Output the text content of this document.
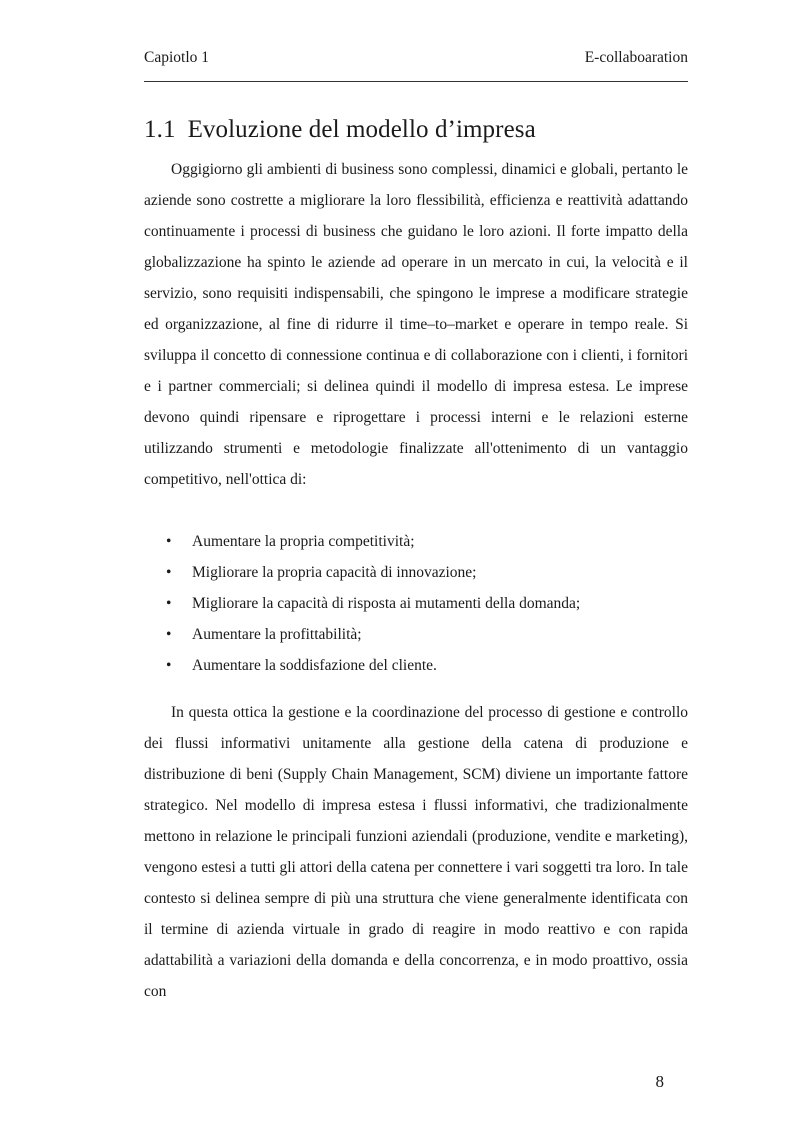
Capiotlo 1	E-collaboaration
1.1 Evoluzione del modello d’impresa

Oggigiorno gli ambienti di business sono complessi, dinamici e globali, pertanto le aziende sono costrette a migliorare la loro flessibilità, efficienza e reattività adattando continuamente i processi di business che guidano le loro azioni. Il forte impatto della globalizzazione ha spinto le aziende ad operare in un mercato in cui, la velocità e il servizio, sono requisiti indispensabili, che spingono le imprese a modificare strategie ed organizzazione, al fine di ridurre il time–to–market e operare in tempo reale. Si sviluppa il concetto di connessione continua e di collaborazione con i clienti, i fornitori e i partner commerciali; si delinea quindi il modello di impresa estesa. Le imprese devono quindi ripensare e riprogettare i processi interni e le relazioni esterne utilizzando strumenti e metodologie finalizzate all'ottenimento di un vantaggio competitivo, nell'ottica di:

• Aumentare la propria competitività;
• Migliorare la propria capacità di innovazione;
• Migliorare la capacità di risposta ai mutamenti della domanda;
• Aumentare la profittabilità;
• Aumentare la soddisfazione del cliente.

In questa ottica la gestione e la coordinazione del processo di gestione e controllo dei flussi informativi unitamente alla gestione della catena di produzione e distribuzione di beni (Supply Chain Management, SCM) diviene un importante fattore strategico. Nel modello di impresa estesa i flussi informativi, che tradizionalmente mettono in relazione le principali funzioni aziendali (produzione, vendite e marketing), vengono estesi a tutti gli attori della catena per connettere i vari soggetti tra loro. In tale contesto si delinea sempre di più una struttura che viene generalmente identificata con il termine di azienda virtuale in grado di reagire in modo reattivo e con rapida adattabilità a variazioni della domanda e della concorrenza, e in modo proattivo, ossia con

8
